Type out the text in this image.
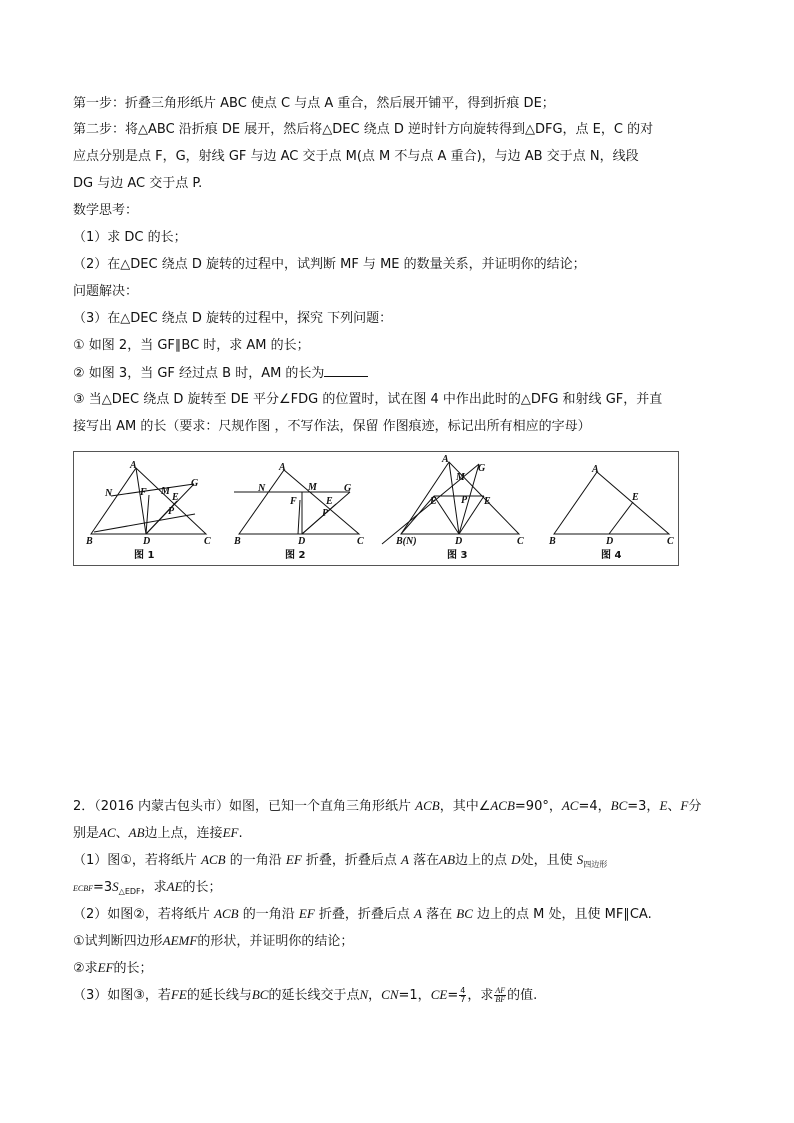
第一步：折叠三角形纸片 ABC 使点 C 与点 A 重合，然后展开铺平，得到折痕 DE；
第二步：将△ABC 沿折痕 DE 展开，然后将△DEC 绕点 D 逆时针方向旋转得到△DFG，点 E，C 的对
应点分别是点 F，G，射线 GF 与边 AC 交于点 M(点 M 不与点 A 重合)，与边 AB 交于点 N，线段
DG 与边 AC 交于点 P.
数学思考：
（1）求 DC 的长；
（2）在△DEC 绕点 D 旋转的过程中，试判断 MF 与 ME 的数量关系，并证明你的结论；
问题解决：
（3）在△DEC 绕点 D 旋转的过程中，探究 下列问题：
① 如图 2，当 GF∥BC 时，求 AM 的长；
② 如图 3，当 GF 经过点 B 时，AM 的长为
③ 当△DEC 绕点 D 旋转至 DE 平分∠FDG 的位置时，试在图 4 中作出此时的△DFG 和射线 GF，并直
接写出 AM 的长（要求：尺规作图 ，不写作法，保留 作图痕迹，标记出所有相应的字母）
A
B	C
D
E
F
G
N	M
P
图 1
A
B	C
D
E
F
G
N	M
P
图 2
A
B(N)	C
D
E	E
G
M
P
图 3
A
B	C
D
E
图 4
2．（2016 内蒙古包头市）如图，已知一个直角三角形纸片 ACB，其中∠ACB=90°，AC=4，BC=3，E、F分
别是AC、AB边上点，连接EF.
（1）图①，若将纸片 ACB 的一角沿 EF 折叠，折叠后点 A 落在AB边上的点 D处，且使 $S_{四边形}$
$ECBF=3S_{\triangle EDF}$，求AE的长；
（2）如图②，若将纸片 ACB 的一角沿 EF 折叠，折叠后点 A 落在 BC 边上的点 M 处，且使 MF∥CA.
①试判断四边形AEMF的形状，并证明你的结论；
②求EF的长；
（3）如图③，若FE的延长线与BC的延长线交于点N，CN=1，$CE= \frac{4}{7}$ ，求 $\frac{AF}{BF}$ 的值.
